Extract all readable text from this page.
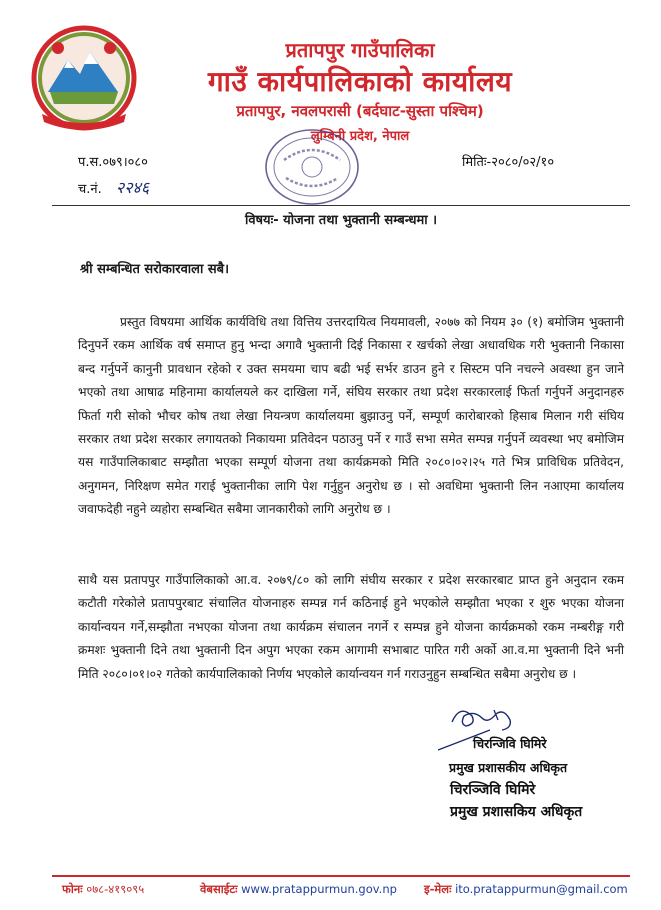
प्रतापपुर गाउँपालिका
गाउँ कार्यपालिकाको कार्यालय
प्रतापपुर, नवलपरासी (बर्दघाट-सुस्ता पश्चिम)
लुम्बिनी प्रदेश, नेपाल
प.स.०७९।०८०
च.नं. २२४६
मितिः-२०८०/०२/१०
विषयः- योजना तथा भुक्तानी सम्बन्धमा ।
श्री सम्बन्धित सरोकारवाला सबै।
प्रस्तुत विषयमा आर्थिक कार्यविधि तथा वित्तिय उत्तरदायित्व नियमावली, २०७७ को नियम ३० (१) बमोजिम भुक्तानी दिनुपर्ने रकम आर्थिक वर्ष समाप्त हुनु भन्दा अगावै भुक्तानी दिई निकासा र खर्चको लेखा अधावधिक गरी भुक्तानी निकासा बन्द गर्नुपर्ने कानुनी प्रावधान रहेको र उक्त समयमा चाप बढी भई सर्भर डाउन हुने र सिस्टम पनि नचल्ने अवस्था हुन जाने भएको तथा आषाढ महिनामा कार्यालयले कर दाखिला गर्ने, संघिय सरकार तथा प्रदेश सरकारलाई फिर्ता गर्नुपर्ने अनुदानहरु फिर्ता गरी सोको भौचर कोष तथा लेखा नियन्त्रण कार्यालयमा बुझाउनु पर्ने, सम्पूर्ण कारोबारको हिसाब मिलान गरी संघिय सरकार तथा प्रदेश सरकार लगायतको निकायमा प्रतिवेदन पठाउनु पर्ने र गाउँ सभा समेत सम्पन्न गर्नुपर्ने व्यवस्था भए बमोजिम यस गाउँपालिकाबाट सम्झौता भएका सम्पूर्ण योजना तथा कार्यक्रमको मिति २०८०।०२।२५ गते भित्र प्राविधिक प्रतिवेदन, अनुगमन, निरिक्षण समेत गराई भुक्तानीका लागि पेश गर्नुहुन अनुरोध छ । सो अवधिमा भुक्तानी लिन नआएमा कार्यालय जवाफदेही नहुने व्यहोरा सम्बन्धित सबैमा जानकारीको लागि अनुरोध छ ।
साथै यस प्रतापपुर गाउँपालिकाको आ.व. २०७९/८० को लागि संघीय सरकार र प्रदेश सरकारबाट प्राप्त हुने अनुदान रकम कटौती गरेकोले प्रतापपुरबाट संचालित योजनाहरु सम्पन्न गर्न कठिनाई हुने भएकोले सम्झौता भएका र शुरु भएका योजना कार्यान्वयन गर्ने,सम्झौता नभएका योजना तथा कार्यक्रम संचालन नगर्ने र सम्पन्न हुने योजना कार्यक्रमको रकम नम्बरीङ्ग गरी क्रमशः भुक्तानी दिने तथा भुक्तानी दिन अपुग भएका रकम आगामी सभाबाट पारित गरी अर्को आ.व.मा भुक्तानी दिने भनी मिति २०८०।०१।०२ गतेको कार्यपालिकाको निर्णय भएकोले कार्यान्वयन गर्न गराउनुहुन सम्बन्धित सबैमा अनुरोध छ ।
चिरन्जिवि घिमिरे
प्रमुख प्रशासकीय अधिकृत
चिरञ्जिवि घिमिरे
प्रमुख प्रशासकिय अधिकृत
फोनः ०७८-४१९०९५	वेबसाईटः www.pratappurmun.gov.np इ-मेलः ito.pratappurmun@gmail.com
